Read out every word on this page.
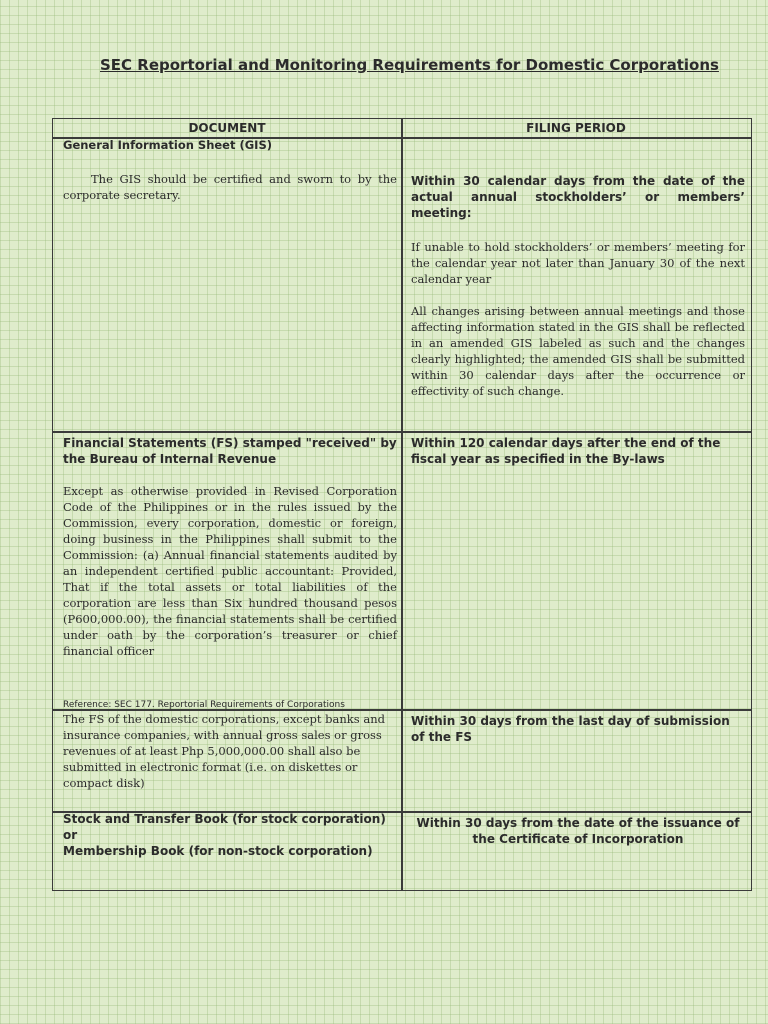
SEC Reportorial and Monitoring Requirements for Domestic Corporations
DOCUMENT	FILING PERIOD
General Information Sheet (GIS)
The GIS should be certified and sworn to by the corporate secretary.
Within 30 calendar days from the date of the actual annual stockholders’ or members’ meeting:
If unable to hold stockholders’ or members’ meeting for the calendar year not later than January 30 of the next calendar year
All changes arising between annual meetings and those affecting information stated in the GIS shall be reflected in an amended GIS labeled as such and the changes clearly highlighted; the amended GIS shall be submitted within 30 calendar days after the occurrence or effectivity of such change.
Financial Statements (FS) stamped "received" by the Bureau of Internal Revenue
Except as otherwise provided in Revised Corporation Code of the Philippines or in the rules issued by the Commission, every corporation, domestic or foreign, doing business in the Philippines shall submit to the Commission: (a) Annual financial statements audited by an independent certified public accountant: Provided, That if the total assets or total liabilities of the corporation are less than Six hundred thousand pesos (P600,000.00), the financial statements shall be certified under oath by the corporation’s treasurer or chief financial officer
Reference: SEC 177. Reportorial Requirements of Corporations
Within 120 calendar days after the end of the fiscal year as specified in the By-laws
The FS of the domestic corporations, except banks and insurance companies, with annual gross sales or gross revenues of at least Php 5,000,000.00 shall also be submitted in electronic format (i.e. on diskettes or compact disk)
Within 30 days from the last day of submission of the FS
Stock and Transfer Book (for stock corporation)
or
Membership Book (for non-stock corporation)
Within 30 days from the date of the issuance of the Certificate of Incorporation
